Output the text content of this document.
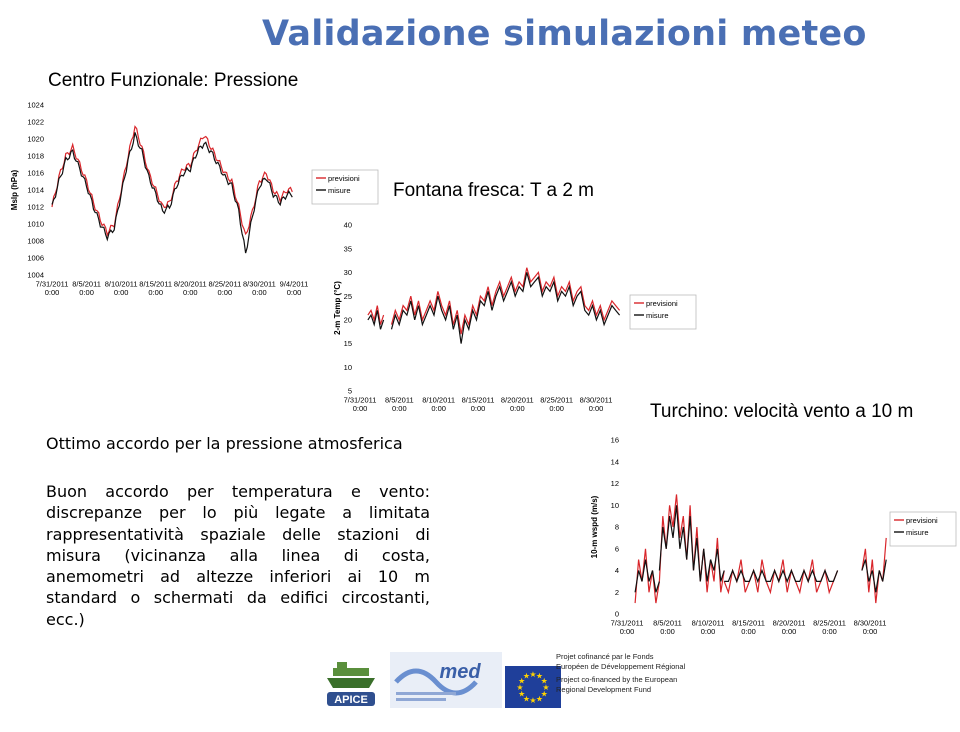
Validazione simulazioni meteo
Centro Funzionale: Pressione
1004
1006
1008
1010
1012
1014
1016
1018
1020
1022
1024
7/31/2011
0:00
8/5/2011
0:00
8/10/2011
0:00
8/15/2011
0:00
8/20/2011
0:00
8/25/2011
0:00
8/30/2011
0:00
9/4/2011
0:00
Mslp (hPa)	previsioni
misure Fontana fresca: T a 2 m
5
10
15
20
25
30
35
40
7/31/2011
0:00
8/5/2011
0:00
8/10/2011
0:00
8/15/2011
0:00
8/20/2011
0:00
8/25/2011
0:00
8/30/2011
0:00
2-m Temp (°C)	previsioni
misure
Turchino: velocità vento a 10 m
0
2
4
6
8
10
12
14
16
7/31/2011
0:00
8/5/2011
0:00
8/10/2011
0:00
8/15/2011
0:00
8/20/2011
0:00
8/25/2011
0:00
8/30/2011
0:00
10-m wspd (m/s)	previsioni
misure
Ottimo accordo per la pressione atmosferica
Buon accordo per temperatura e vento: discrepanze per lo più legate a limitata rappresentatività spaziale delle stazioni di misura (vicinanza alla linea di costa, anemometri ad altezze inferiori ai 10 m standard o schermati da edifici circostanti, ecc.)
APICE
med
★
★
★
★
★
★
★
★
★ ★ ★
★
Projet cofinancé par le Fonds Européen de Développement Régional
Project co-financed by the European Regional Development Fund
